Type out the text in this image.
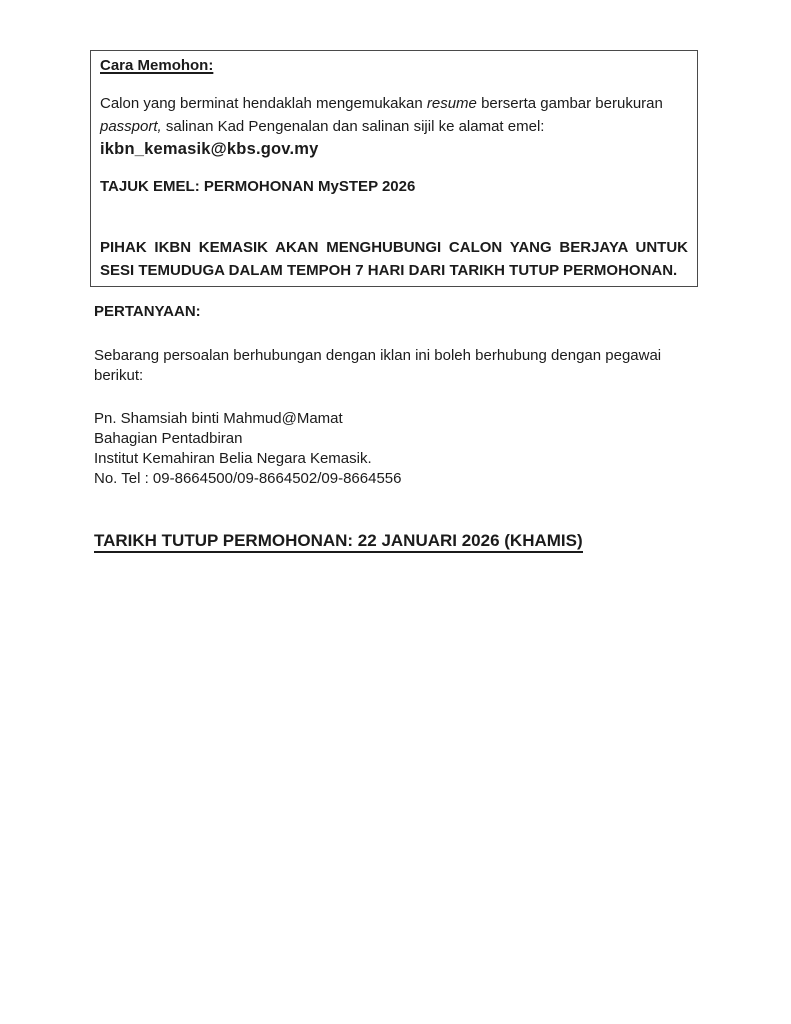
Cara Memohon:

Calon yang berminat hendaklah mengemukakan resume berserta gambar berukuran passport, salinan Kad Pengenalan dan salinan sijil ke alamat emel: ikbn_kemasik@kbs.gov.my

TAJUK EMEL: PERMOHONAN MySTEP 2026

PIHAK IKBN KEMASIK AKAN MENGHUBUNGI CALON YANG BERJAYA UNTUK SESI TEMUDUGA DALAM TEMPOH 7 HARI DARI TARIKH TUTUP PERMOHONAN.

PERTANYAAN:

Sebarang persoalan berhubungan dengan iklan ini boleh berhubung dengan pegawai berikut:

Pn. Shamsiah binti Mahmud@Mamat

Bahagian Pentadbiran

Institut Kemahiran Belia Negara Kemasik.

No. Tel : 09-8664500/09-8664502/09-8664556

TARIKH TUTUP PERMOHONAN: 22 JANUARI 2026 (KHAMIS)
